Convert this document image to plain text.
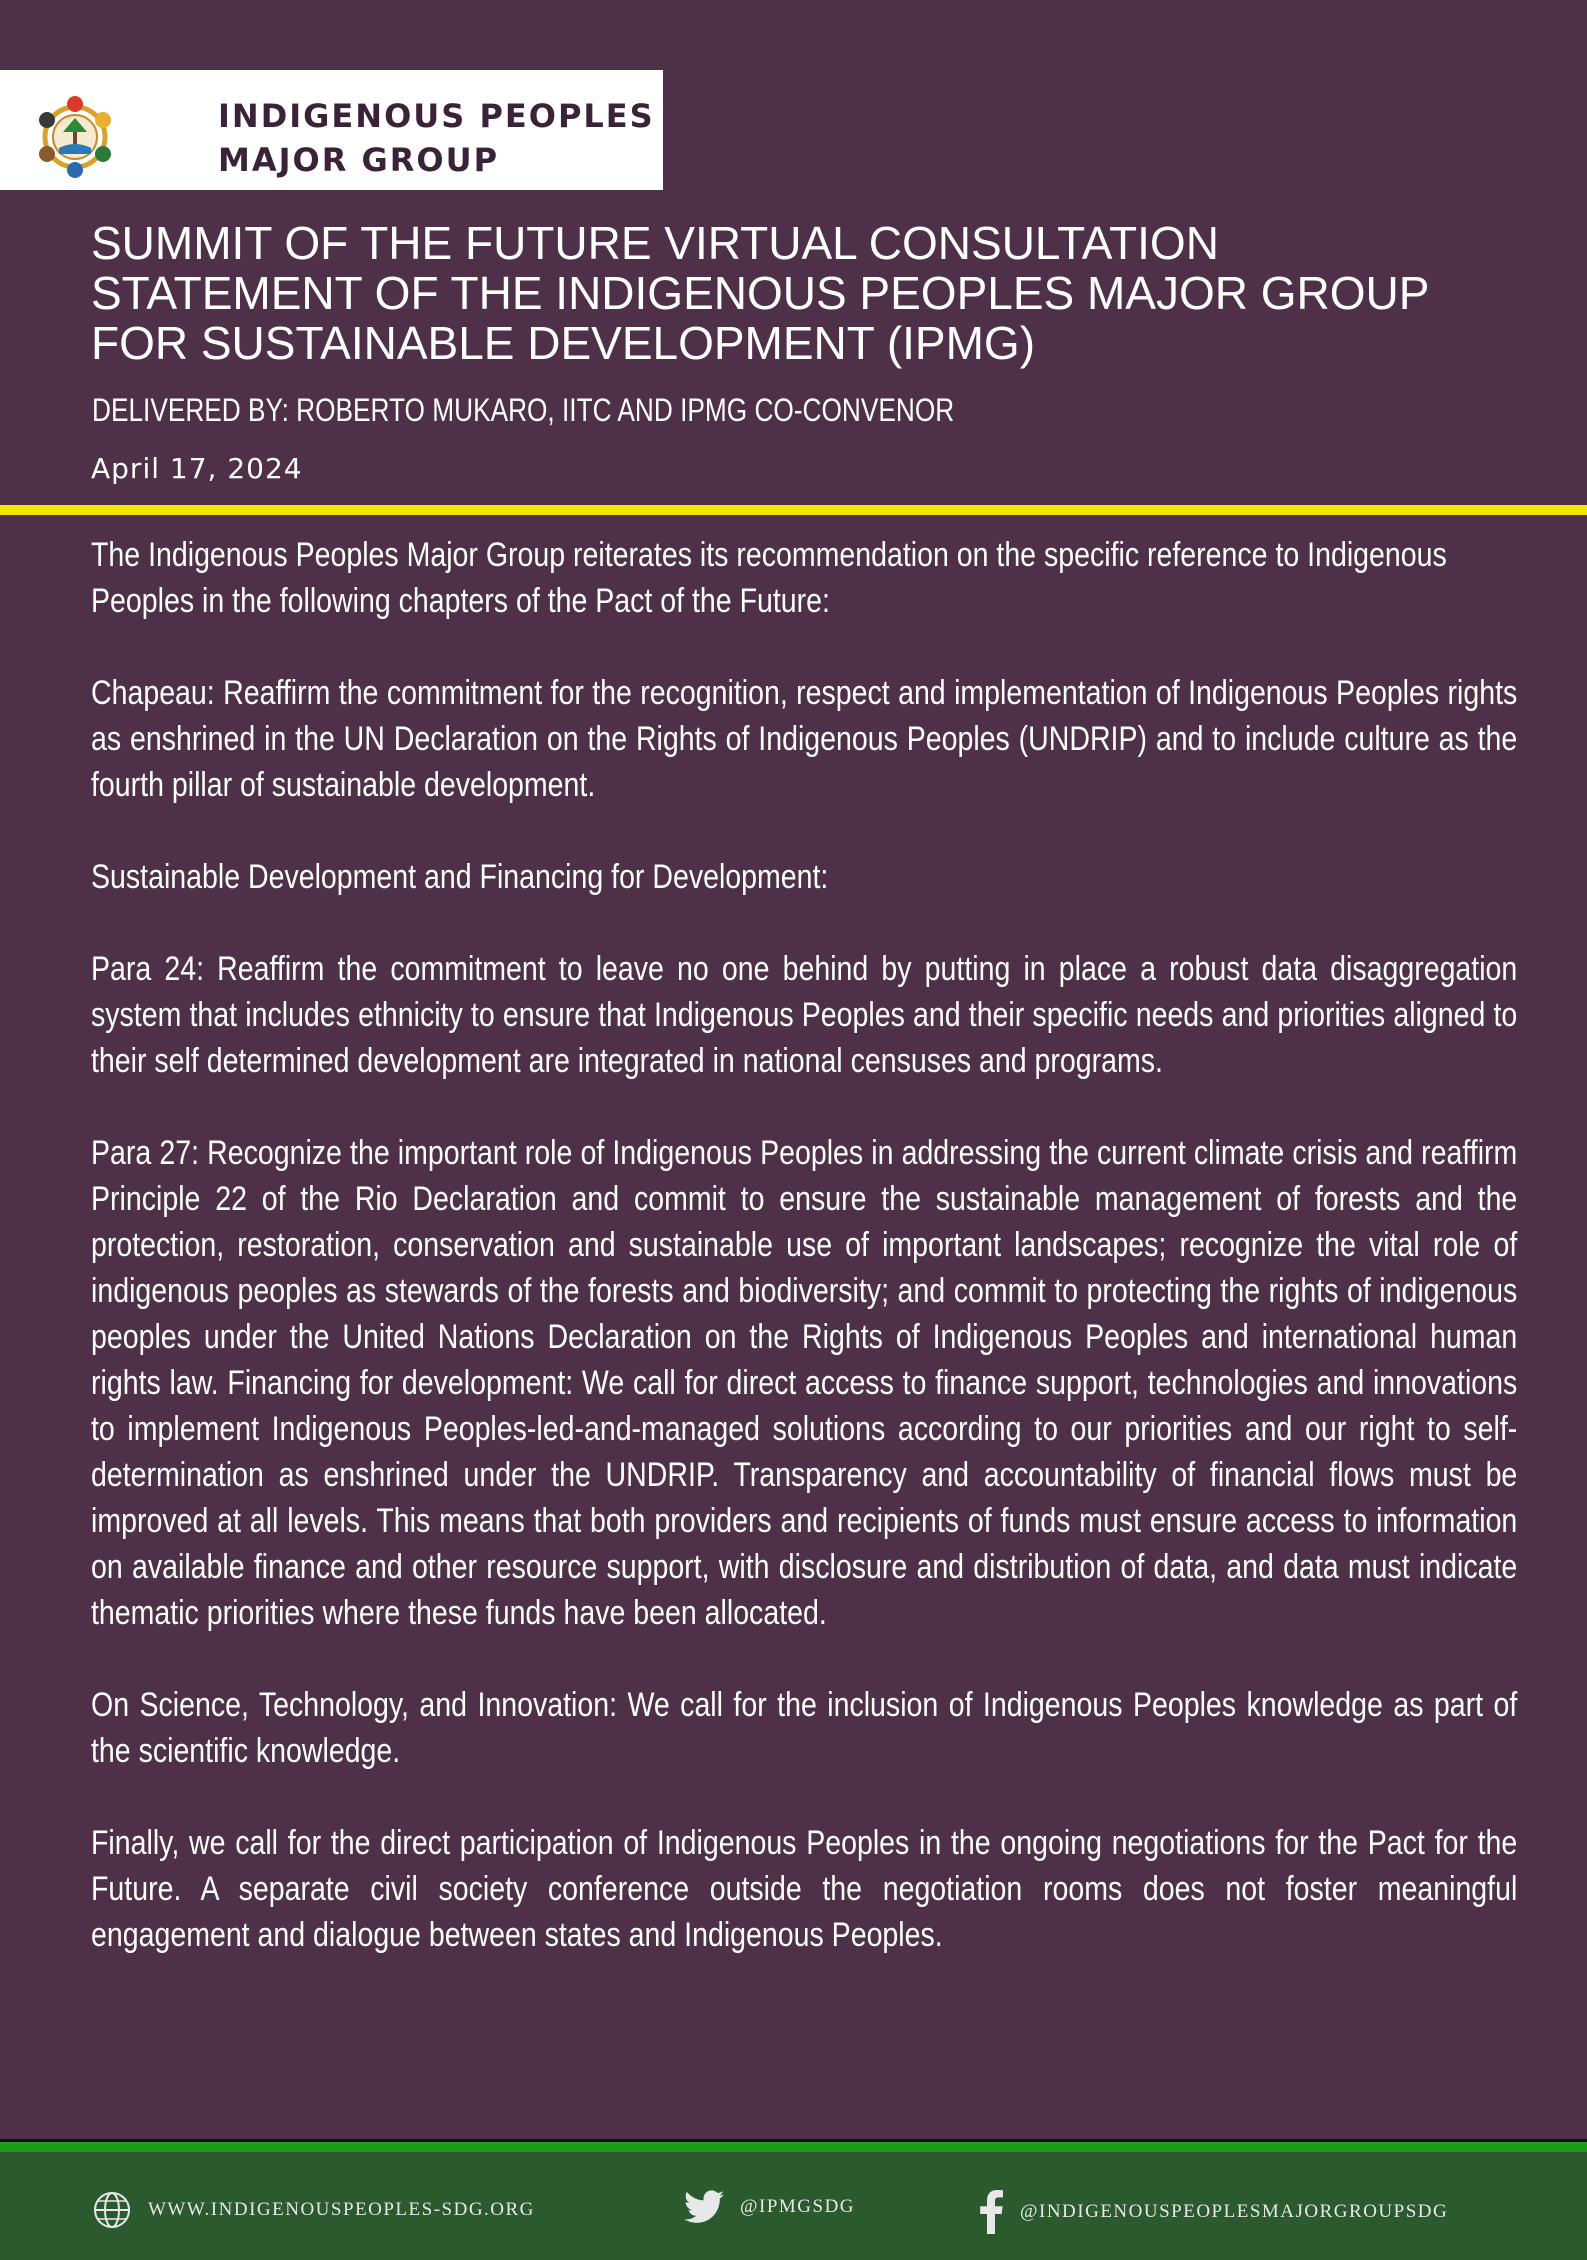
INDIGENOUS PEOPLES
MAJOR GROUP
SUMMIT OF THE FUTURE VIRTUAL CONSULTATION
STATEMENT OF THE INDIGENOUS PEOPLES MAJOR GROUP
FOR SUSTAINABLE DEVELOPMENT (IPMG)
DELIVERED BY: ROBERTO MUKARO, IITC AND IPMG CO-CONVENOR
April 17, 2024

The Indigenous Peoples Major Group reiterates its recommendation on the specific reference to Indigenous Peoples in the following chapters of the Pact of the Future:

Chapeau: Reaffirm the commitment for the recognition, respect and implementation of Indigenous Peoples rights as enshrined in the UN Declaration on the Rights of Indigenous Peoples (UNDRIP) and to include culture as the fourth pillar of sustainable development.

Sustainable Development and Financing for Development:

Para 24: Reaffirm the commitment to leave no one behind by putting in place a robust data disaggregation system that includes ethnicity to ensure that Indigenous Peoples and their specific needs and priorities aligned to their self determined development are integrated in national censuses and programs.

Para 27: Recognize the important role of Indigenous Peoples in addressing the current climate crisis and reaffirm Principle 22 of the Rio Declaration and commit to ensure the sustainable management of forests and the protection, restoration, conservation and sustainable use of important landscapes; recognize the vital role of indigenous peoples as stewards of the forests and biodiversity; and commit to protecting the rights of indigenous peoples under the United Nations Declaration on the Rights of Indigenous Peoples and international human rights law. Financing for development: We call for direct access to finance support, technologies and innovations to implement Indigenous Peoples-led-and-managed solutions according to our priorities and our right to self-determination as enshrined under the UNDRIP. Transparency and accountability of financial flows must be improved at all levels. This means that both providers and recipients of funds must ensure access to information on available finance and other resource support, with disclosure and distribution of data, and data must indicate thematic priorities where these funds have been allocated.

On Science, Technology, and Innovation: We call for the inclusion of Indigenous Peoples knowledge as part of the scientific knowledge.

Finally, we call for the direct participation of Indigenous Peoples in the ongoing negotiations for the Pact for the Future. A separate civil society conference outside the negotiation rooms does not foster meaningful engagement and dialogue between states and Indigenous Peoples.

WWW.INDIGENOUSPEOPLES-SDG.ORG	@IPMGSDG	@INDIGENOUSPEOPLESMAJORGROUPSDG
